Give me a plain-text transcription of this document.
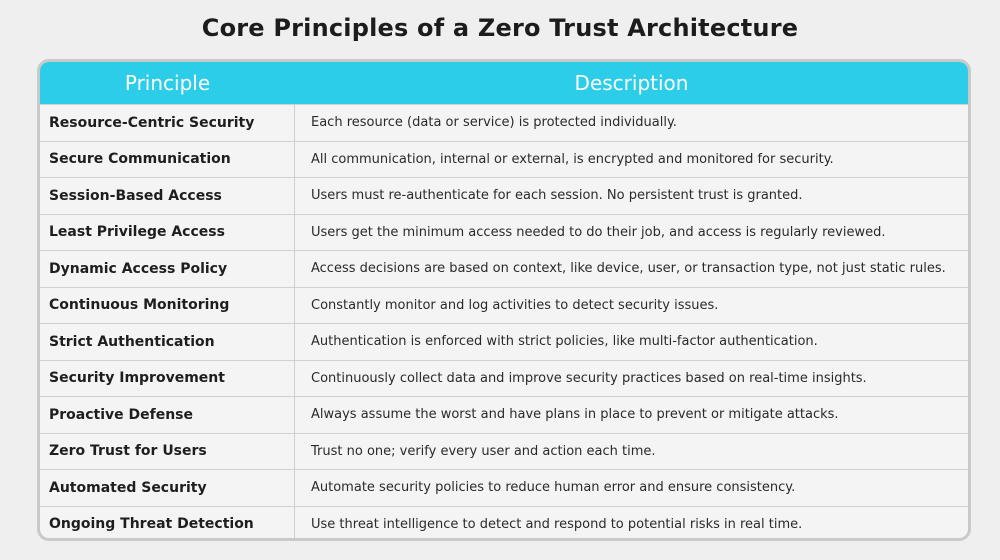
Core Principles of a Zero Trust Architecture
Principle	Description
Resource-Centric Security	Each resource (data or service) is protected individually.
Secure Communication	All communication, internal or external, is encrypted and monitored for security.
Session-Based Access	Users must re-authenticate for each session. No persistent trust is granted.
Least Privilege Access	Users get the minimum access needed to do their job, and access is regularly reviewed.
Dynamic Access Policy	Access decisions are based on context, like device, user, or transaction type, not just static rules.
Continuous Monitoring	Constantly monitor and log activities to detect security issues.
Strict Authentication	Authentication is enforced with strict policies, like multi-factor authentication.
Security Improvement	Continuously collect data and improve security practices based on real-time insights.
Proactive Defense	Always assume the worst and have plans in place to prevent or mitigate attacks.
Zero Trust for Users	Trust no one; verify every user and action each time.
Automated Security	Automate security policies to reduce human error and ensure consistency.
Ongoing Threat Detection	Use threat intelligence to detect and respond to potential risks in real time.
